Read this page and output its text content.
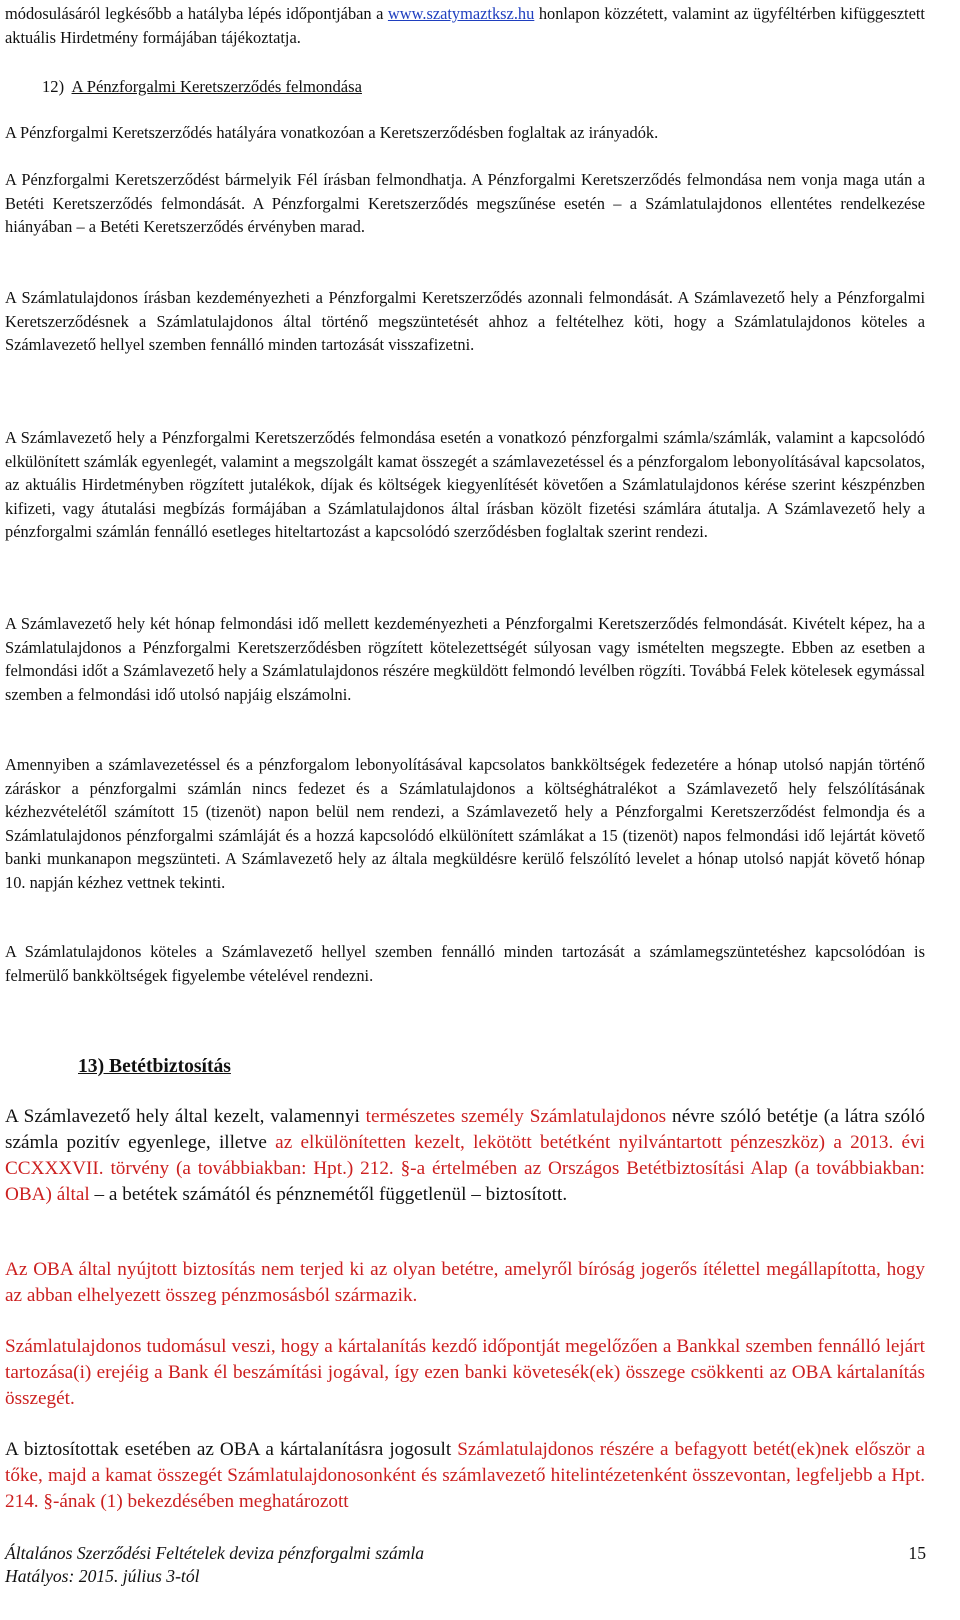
módosulásáról legkésőbb a hatályba lépés időpontjában a www.szatymaztksz.hu honlapon közzétett, valamint az ügyféltérben kifüggesztett aktuális Hirdetmény formájában tájékoztatja.

12) A Pénzforgalmi Keretszerződés felmondása

A Pénzforgalmi Keretszerződés hatályára vonatkozóan a Keretszerződésben foglaltak az irányadók.

A Pénzforgalmi Keretszerződést bármelyik Fél írásban felmondhatja. A Pénzforgalmi Keretszerződés felmondása nem vonja maga után a Betéti Keretszerződés felmondását. A Pénzforgalmi Keretszerződés megszűnése esetén – a Számlatulajdonos ellentétes rendelkezése hiányában – a Betéti Keretszerződés érvényben marad.

A Számlatulajdonos írásban kezdeményezheti a Pénzforgalmi Keretszerződés azonnali felmondását. A Számlavezető hely a Pénzforgalmi Keretszerződésnek a Számlatulajdonos által történő megszüntetését ahhoz a feltételhez köti, hogy a Számlatulajdonos köteles a Számlavezető hellyel szemben fennálló minden tartozását visszafizetni.

A Számlavezető hely a Pénzforgalmi Keretszerződés felmondása esetén a vonatkozó pénzforgalmi számla/számlák, valamint a kapcsolódó elkülönített számlák egyenlegét, valamint a megszolgált kamat összegét a számlavezetéssel és a pénzforgalom lebonyolításával kapcsolatos, az aktuális Hirdetményben rögzített jutalékok, díjak és költségek kiegyenlítését követően a Számlatulajdonos kérése szerint készpénzben kifizeti, vagy átutalási megbízás formájában a Számlatulajdonos által írásban közölt fizetési számlára átutalja. A Számlavezető hely a pénzforgalmi számlán fennálló esetleges hiteltartozást a kapcsolódó szerződésben foglaltak szerint rendezi.

A Számlavezető hely két hónap felmondási idő mellett kezdeményezheti a Pénzforgalmi Keretszerződés felmondását. Kivételt képez, ha a Számlatulajdonos a Pénzforgalmi Keretszerződésben rögzített kötelezettségét súlyosan vagy ismételten megszegte. Ebben az esetben a felmondási időt a Számlavezető hely a Számlatulajdonos részére megküldött felmondó levélben rögzíti. Továbbá Felek kötelesek egymással szemben a felmondási idő utolsó napjáig elszámolni.

Amennyiben a számlavezetéssel és a pénzforgalom lebonyolításával kapcsolatos bankköltségek fedezetére a hónap utolsó napján történő záráskor a pénzforgalmi számlán nincs fedezet és a Számlatulajdonos a költséghátralékot a Számlavezető hely felszólításának kézhezvételétől számított 15 (tizenöt) napon belül nem rendezi, a Számlavezető hely a Pénzforgalmi Keretszerződést felmondja és a Számlatulajdonos pénzforgalmi számláját és a hozzá kapcsolódó elkülönített számlákat a 15 (tizenöt) napos felmondási idő lejártát követő banki munkanapon megszünteti. A Számlavezető hely az általa megküldésre kerülő felszólító levelet a hónap utolsó napját követő hónap 10. napján kézhez vettnek tekinti.

A Számlatulajdonos köteles a Számlavezető hellyel szemben fennálló minden tartozását a számlamegszüntetéshez kapcsolódóan is felmerülő bankköltségek figyelembe vételével rendezni.

13) Betétbiztosítás

A Számlavezető hely által kezelt, valamennyi természetes személy Számlatulajdonos névre szóló betétje (a látra szóló számla pozitív egyenlege, illetve az elkülönítetten kezelt, lekötött betétként nyilvántartott pénzeszköz) a 2013. évi CCXXXVII. törvény (a továbbiakban: Hpt.) 212. §-a értelmében az Országos Betétbiztosítási Alap (a továbbiakban: OBA) által – a betétek számától és pénznemétől függetlenül – biztosított.

Az OBA által nyújtott biztosítás nem terjed ki az olyan betétre, amelyről bíróság jogerős ítélettel megállapította, hogy az abban elhelyezett összeg pénzmosásból származik.

Számlatulajdonos tudomásul veszi, hogy a kártalanítás kezdő időpontját megelőzően a Bankkal szemben fennálló lejárt tartozása(i) erejéig a Bank él beszámítási jogával, így ezen banki követesék(ek) összege csökkenti az OBA kártalanítás összegét.

A biztosítottak esetében az OBA a kártalanításra jogosult Számlatulajdonos részére a befagyott betét(ek)nek először a tőke, majd a kamat összegét Számlatulajdonosonként és számlavezető hitelintézetenként összevontan, legfeljebb a Hpt. 214. §-ának (1) bekezdésében meghatározott

Általános Szerződési Feltételek deviza pénzforgalmi számla
Hatályos: 2015. július 3-tól
15
